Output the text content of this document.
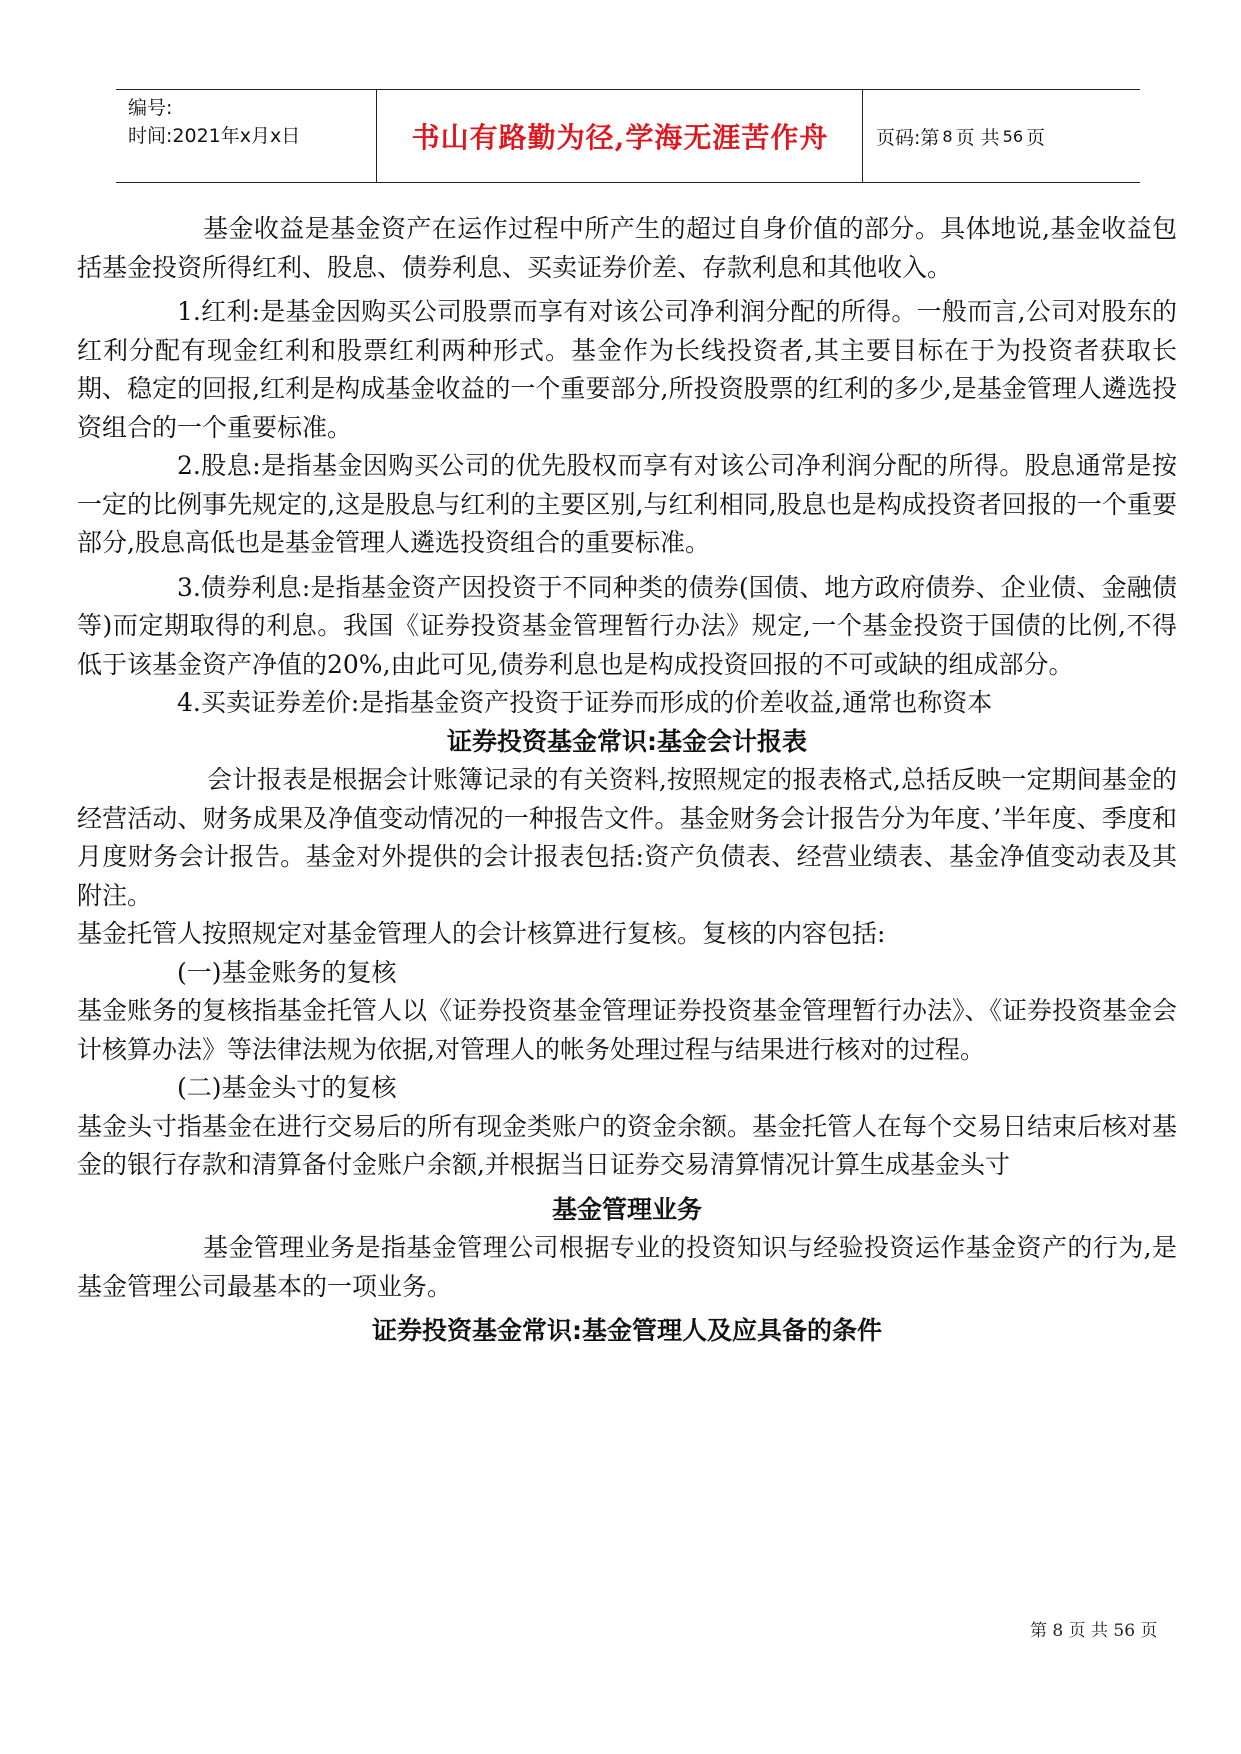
编号:
时间:2021年x月x日	书山有路勤为径,学海无涯苦作舟	页码:第 8 页 共 56 页

基金收益是基金资产在运作过程中所产生的超过自身价值的部分。具体地说,基金收益包括基金投资所得红利、股息、债券利息、买卖证券价差、存款利息和其他收入。

1.红利:是基金因购买公司股票而享有对该公司净利润分配的所得。一般而言,公司对股东的红利分配有现金红利和股票红利两种形式。基金作为长线投资者,其主要目标在于为投资者获取长期、稳定的回报,红利是构成基金收益的一个重要部分,所投资股票的红利的多少,是基金管理人遴选投资组合的一个重要标准。

2.股息:是指基金因购买公司的优先股权而享有对该公司净利润分配的所得。股息通常是按一定的比例事先规定的,这是股息与红利的主要区别,与红利相同,股息也是构成投资者回报的一个重要部分,股息高低也是基金管理人遴选投资组合的重要标准。

3.债券利息:是指基金资产因投资于不同种类的债券(国债、地方政府债券、企业债、金融债等)而定期取得的利息。我国《证券投资基金管理暂行办法》规定,一个基金投资于国债的比例,不得低于该基金资产净值的20%,由此可见,债券利息也是构成投资回报的不可或缺的组成部分。

4.买卖证券差价:是指基金资产投资于证券而形成的价差收益,通常也称资本

证券投资基金常识:基金会计报表

会计报表是根据会计账簿记录的有关资料,按照规定的报表格式,总括反映一定期间基金的经营活动、财务成果及净值变动情况的一种报告文件。基金财务会计报告分为年度、’半年度、季度和月度财务会计报告。基金对外提供的会计报表包括:资产负债表、经营业绩表、基金净值变动表及其附注。

基金托管人按照规定对基金管理人的会计核算进行复核。复核的内容包括:

(一)基金账务的复核

基金账务的复核指基金托管人以《证券投资基金管理证券投资基金管理暂行办法》、《证券投资基金会计核算办法》等法律法规为依据,对管理人的帐务处理过程与结果进行核对的过程。

(二)基金头寸的复核

基金头寸指基金在进行交易后的所有现金类账户的资金余额。基金托管人在每个交易日结束后核对基金的银行存款和清算备付金账户余额,并根据当日证券交易清算情况计算生成基金头寸

基金管理业务

基金管理业务是指基金管理公司根据专业的投资知识与经验投资运作基金资产的行为,是基金管理公司最基本的一项业务。

证券投资基金常识:基金管理人及应具备的条件

第 8 页 共 56 页
